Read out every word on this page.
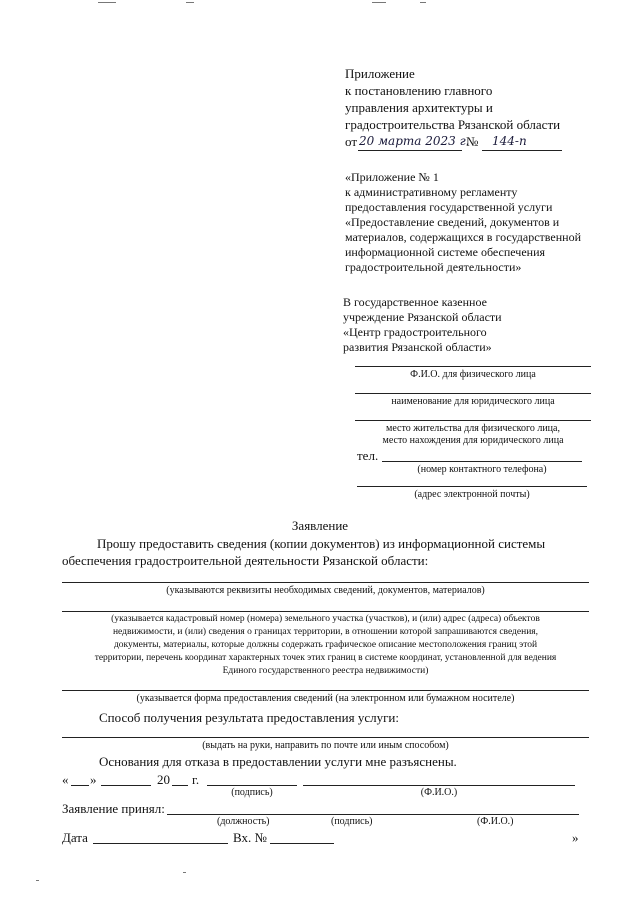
Приложение
к постановлению главного
управления архитектуры и
градостроительства Рязанской области
от 20 марта 2023 г.
№ 144-п
«Приложение № 1
к административному регламенту
предоставления государственной услуги
«Предоставление сведений, документов и
материалов, содержащихся в государственной
информационной системе обеспечения
градостроительной деятельности»
В государственное казенное
учреждение Рязанской области
«Центр градостроительного
развития Рязанской области»
Ф.И.О. для физического лица
наименование для юридического лица
место жительства для физического лица,
место нахождения для юридического лица
тел.
(номер контактного телефона)
(адрес электронной почты)
Заявление
Прошу предоставить сведения (копии документов) из информационной системы
обеспечения градостроительной деятельности Рязанской области:
(указываются реквизиты необходимых сведений, документов, материалов)
(указывается кадастровый номер (номера) земельного участка (участков), и (или) адрес (адреса) объектов
недвижимости, и (или) сведения о границах территории, в отношении которой запрашиваются сведения,
документы, материалы, которые должны содержать графическое описание местоположения границ этой
территории, перечень координат характерных точек этих границ в системе координат, установленной для ведения
Единого государственного реестра недвижимости)
(указывается форма предоставления сведений (на электронном или бумажном носителе)
Способ получения результата предоставления услуги:
(выдать на руки, направить по почте или иным способом)
Основания для отказа в предоставлении услуги мне разъяснены.
« »	20 г.
(подпись)	(Ф.И.О.)
Заявление принял:
(должность)	(подпись)	(Ф.И.О.)
Дата	Вх. №	»
